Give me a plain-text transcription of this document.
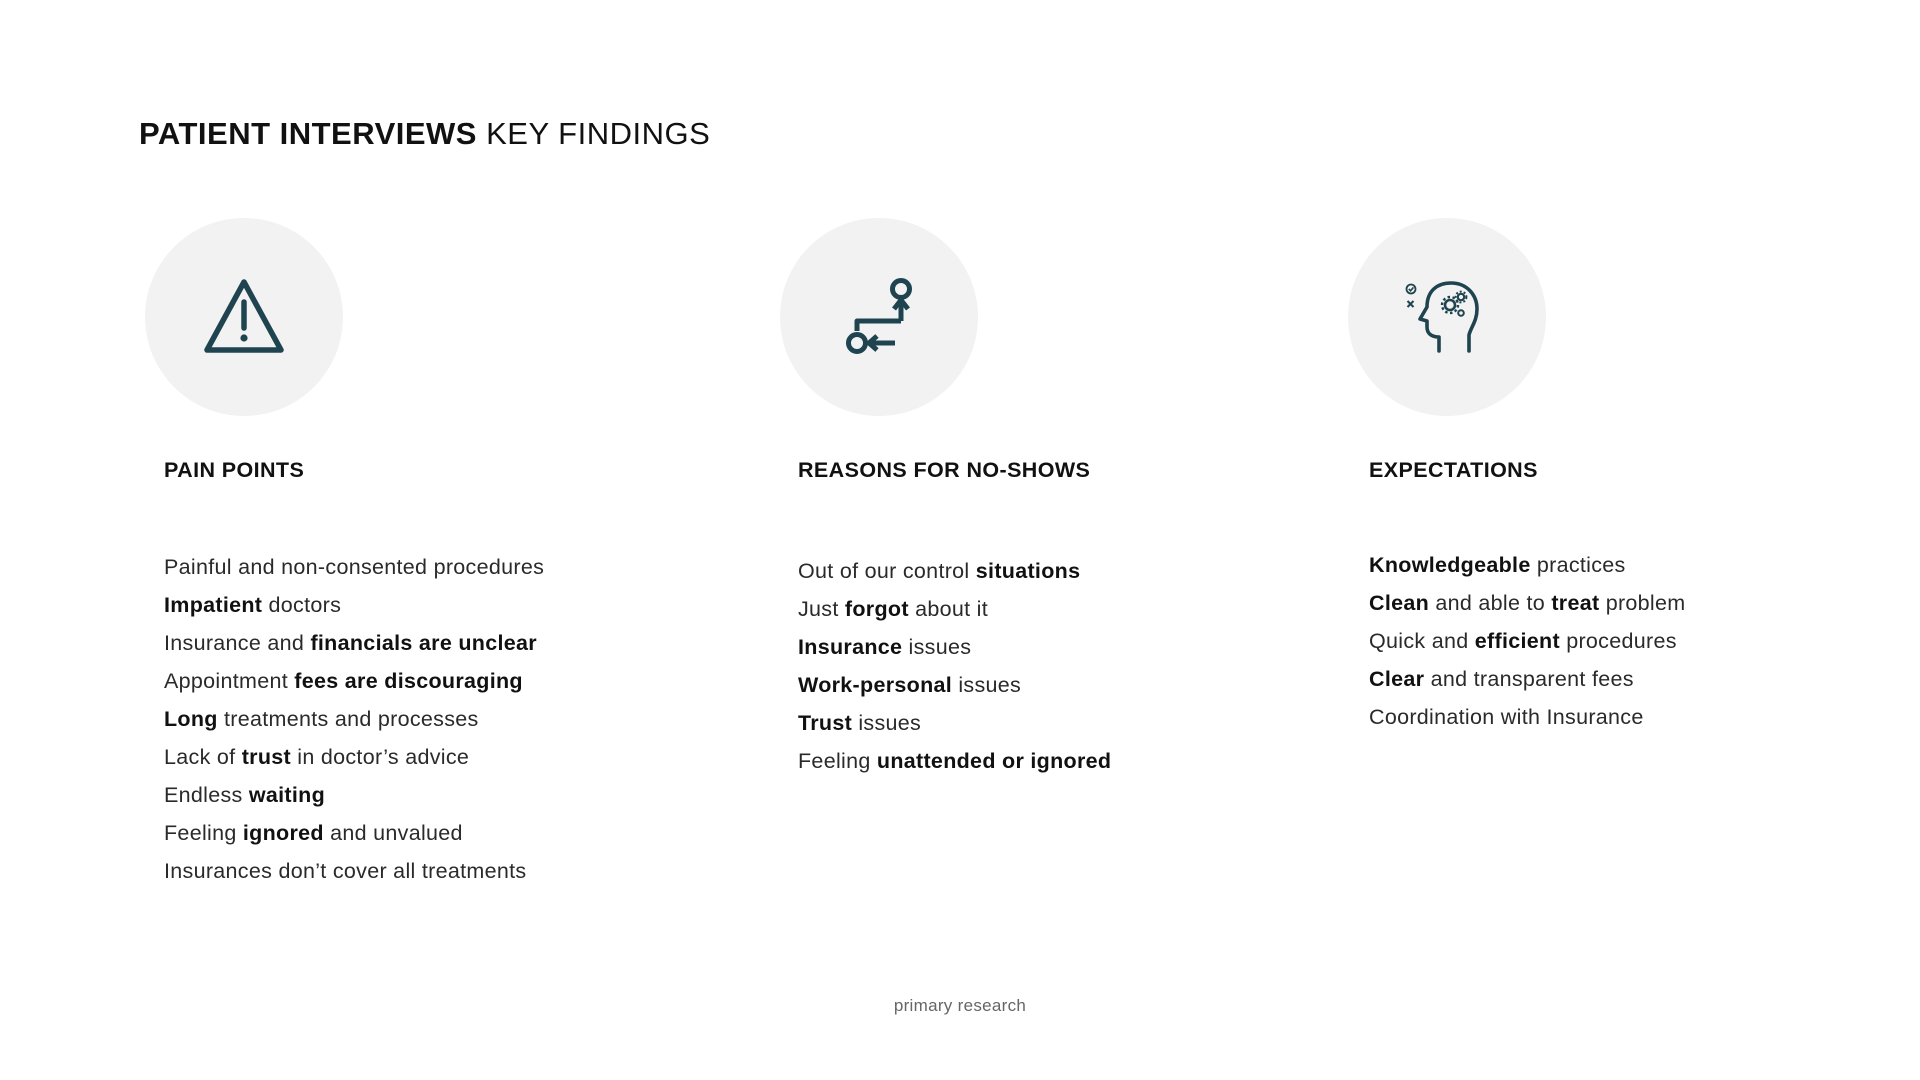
PATIENT INTERVIEWS KEY FINDINGS
PAIN POINTS
Painful and non-consented procedures
Impatient doctors
Insurance and financials are unclear
Appointment fees are discouraging
Long treatments and processes
Lack of trust in doctor’s advice
Endless waiting
Feeling ignored and unvalued
Insurances don’t cover all treatments
REASONS FOR NO-SHOWS
Out of our control situations
Just forgot about it
Insurance issues
Work-personal issues
Trust issues
Feeling unattended or ignored
EXPECTATIONS
Knowledgeable practices
Clean and able to treat problem
Quick and efficient procedures
Clear and transparent fees
Coordination with Insurance
primary research
